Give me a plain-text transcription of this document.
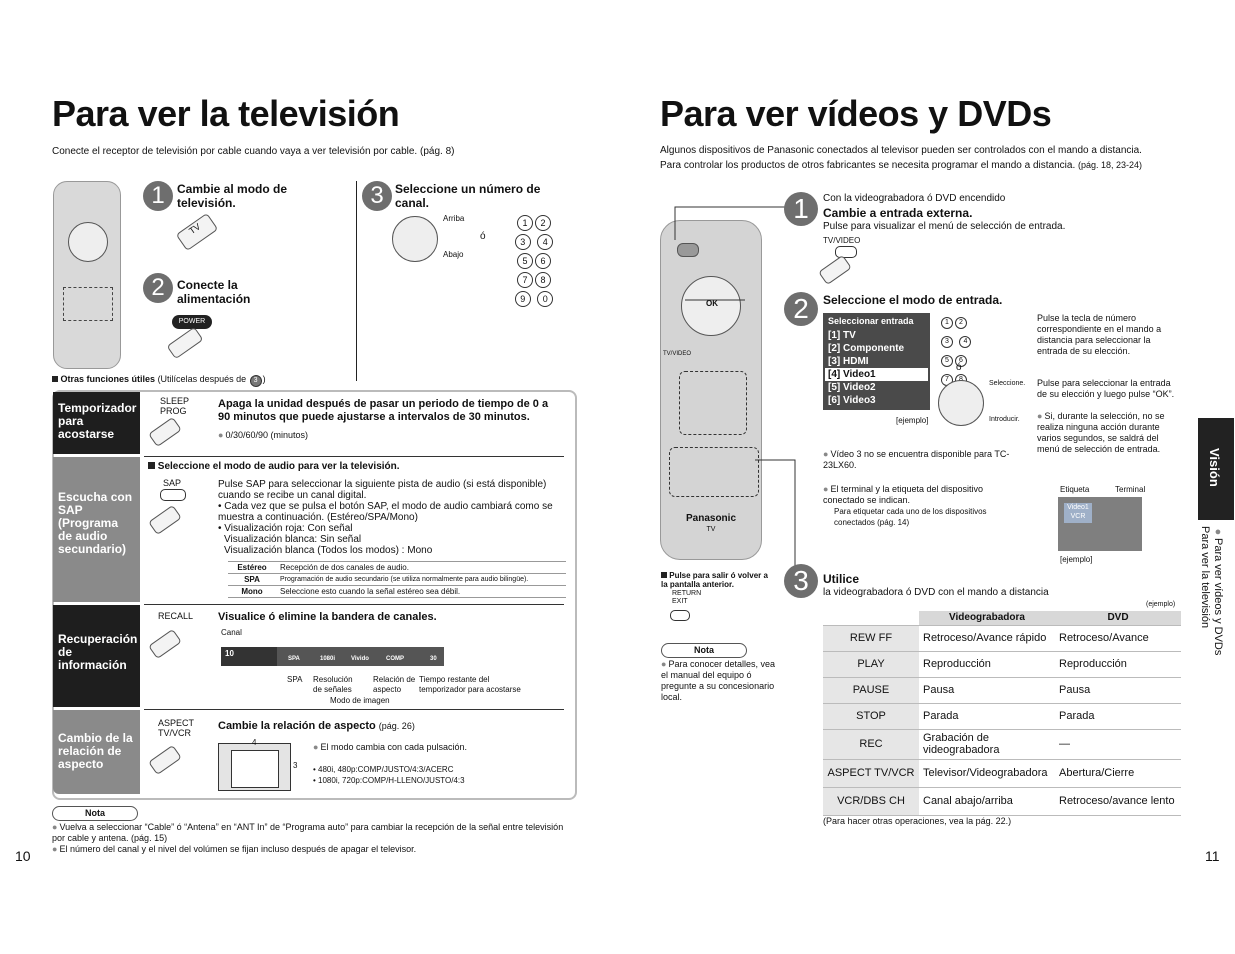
Para ver la televisión
Conecte el receptor de televisión por cable cuando vaya a ver televisión por cable. (pág. 8)
1	Cambie al modo de televisión.
TV
2	Conecte la alimentación
POWER
3 Seleccione un número de canal.
Arriba
Abajo
ó
1 23 45 6 7 89 0
Otras funciones útiles (Utilícelas después de 3 )
Temporizador para acostarse
SLEEP
PROG
Apaga la unidad después de pasar un periodo de tiempo de 0 a 90 minutos que puede ajustarse a intervalos de 30 minutos.
● 0/30/60/90 (minutos)
Escucha con SAP (Programa de audio secundario)
Seleccione el modo de audio para ver la televisión.
SAP	Pulse SAP para seleccionar la siguiente pista de audio (si está disponible) cuando se recibe un canal digital.
• Cada vez que se pulsa el botón SAP, el modo de audio cambiará como se muestra a continuación. (Estéreo/SPA/Mono)
• Visualización roja: Con señal
Visualización blanca: Sin señal
Visualización blanca (Todos los modos) : Mono
Estéreo	Recepción de dos canales de audio.
SPA	Programación de audio secundario (se utiliza normalmente para audio bilingüe).
Mono	Seleccione esto cuando la señal estéreo sea débil.
Recuperación de información
RECALL Visualice ó elimine la bandera de canales.
Canal
10
SPA	1080i	Vivido	COMP	30
SPA Resolución de señales
Relación de aspecto
Tiempo restante del temporizador para acostarse
Modo de imagen
Cambio de la relación de aspecto
ASPECT
TV/VCR
Cambie la relación de aspecto (pág. 26)
4
3
● El modo cambia con cada pulsación.
• 480i, 480p:COMP/JUSTO/4:3/ACERC
• 1080i, 720p:COMP/H-LLENO/JUSTO/4:3
Nota
● Vuelva a seleccionar “Cable” ó “Antena” en “ANT In” de “Programa auto” para cambiar la recepción de la señal entre televisión por cable y antena. (pág. 15)
● El número del canal y el nivel del volúmen se fijan incluso después de apagar el televisor.
10
Para ver vídeos y DVDs
Algunos dispositivos de Panasonic conectados al televisor pueden ser controlados con el mando a distancia.
Para controlar los productos de otros fabricantes se necesita programar el mando a distancia. (pág. 18, 23-24)
OK
TV/VIDEO
Panasonic
TV
Pulse para salir ó volver a la pantalla anterior.
RETURN
EXIT
Nota
● Para conocer detalles, vea el manual del equipo ó pregunte a su concesionario local.
1	Con la videograbadora ó DVD encendido
Cambie a entrada externa.
Pulse para visualizar el menú de selección de entrada.
TV/VIDEO
2	Seleccione el modo de entrada.
Seleccionar entrada
[1] TV
[2] Componente
[3] HDMI
[4] Video1
[5] Video2
[6] Video3
[ejemplo]
1 23 45 6 7
ó
Seleccione.
Introducir.
Pulse la tecla de número correspondiente en el mando a distancia para seleccionar la entrada de su elección.
Pulse para seleccionar la entrada de su elección y luego pulse “OK”.
● Si, durante la selección, no se realiza ninguna acción durante varios segundos, se saldrá del menú de selección de entrada.
● Vídeo 3 no se encuentra disponible para TC-23LX60.
● El terminal y la etiqueta del dispositivo conectado se indican.
Para etiquetar cada uno de los dispositivos conectados (pág. 14)
Etiqueta	Terminal
Video1
VCR
[ejemplo]
3	Utilice
la videograbadora ó DVD con el mando a distancia
(ejemplo)
	Videograbadora	DVD
REW FF	Retroceso/Avance rápido	Retroceso/Avance
PLAY	Reproducción	Reproducción
PAUSE	Pausa	Pausa
STOP	Parada	Parada
REC	Grabación de videograbadora	—
ASPECT TV/VCR	Televisor/Videograbadora	Abertura/Cierre
VCR/DBS CH	Canal abajo/arriba	Retroceso/avance lento
(Para hacer otras operaciones, vea la pág. 22.)
Visión
● Para ver vídeos y DVDs
Para ver la televisión
11
